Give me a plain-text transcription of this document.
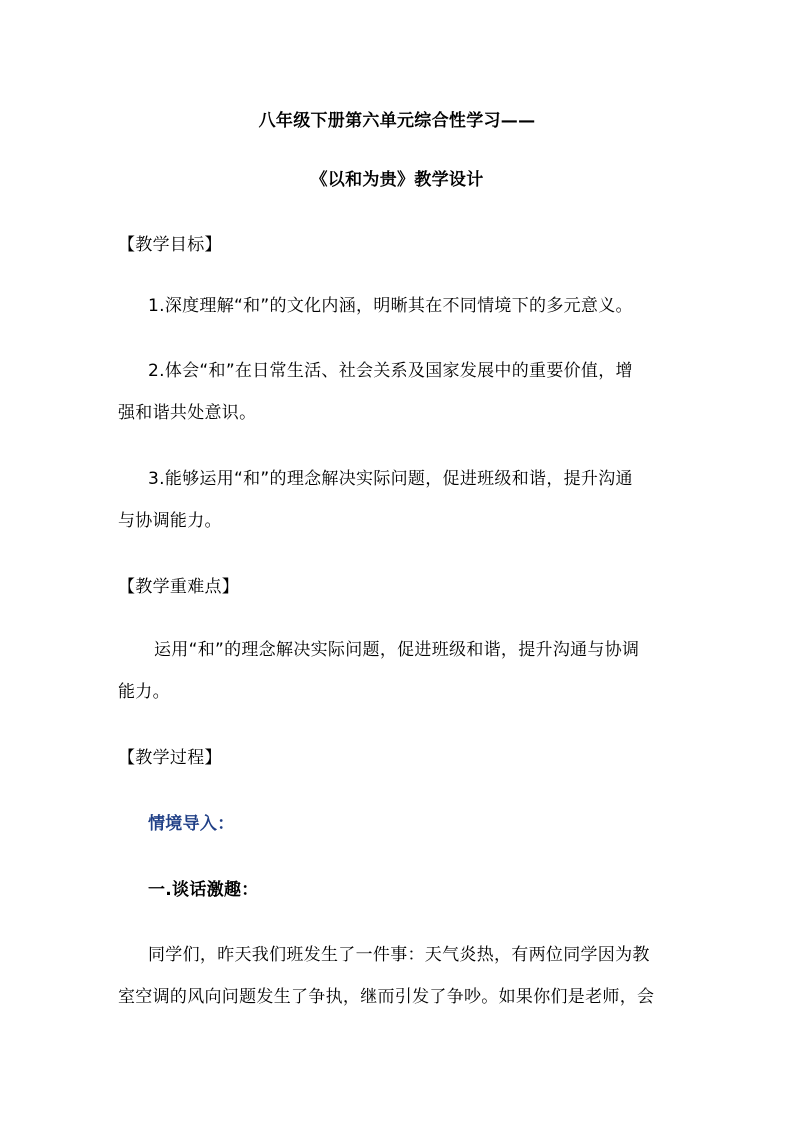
八年级下册第六单元综合性学习——
《以和为贵》教学设计
【教学目标】
1.深度理解“和”的文化内涵，明晰其在不同情境下的多元意义。
2.体会“和”在日常生活、社会关系及国家发展中的重要价值，增
强和谐共处意识。
3.能够运用“和”的理念解决实际问题，促进班级和谐，提升沟通
与协调能力。
【教学重难点】
运用“和”的理念解决实际问题，促进班级和谐，提升沟通与协调
能力。
【教学过程】
情境导入：
一.谈话激趣：
同学们，昨天我们班发生了一件事：天气炎热，有两位同学因为教
室空调的风向问题发生了争执，继而引发了争吵。如果你们是老师，会
